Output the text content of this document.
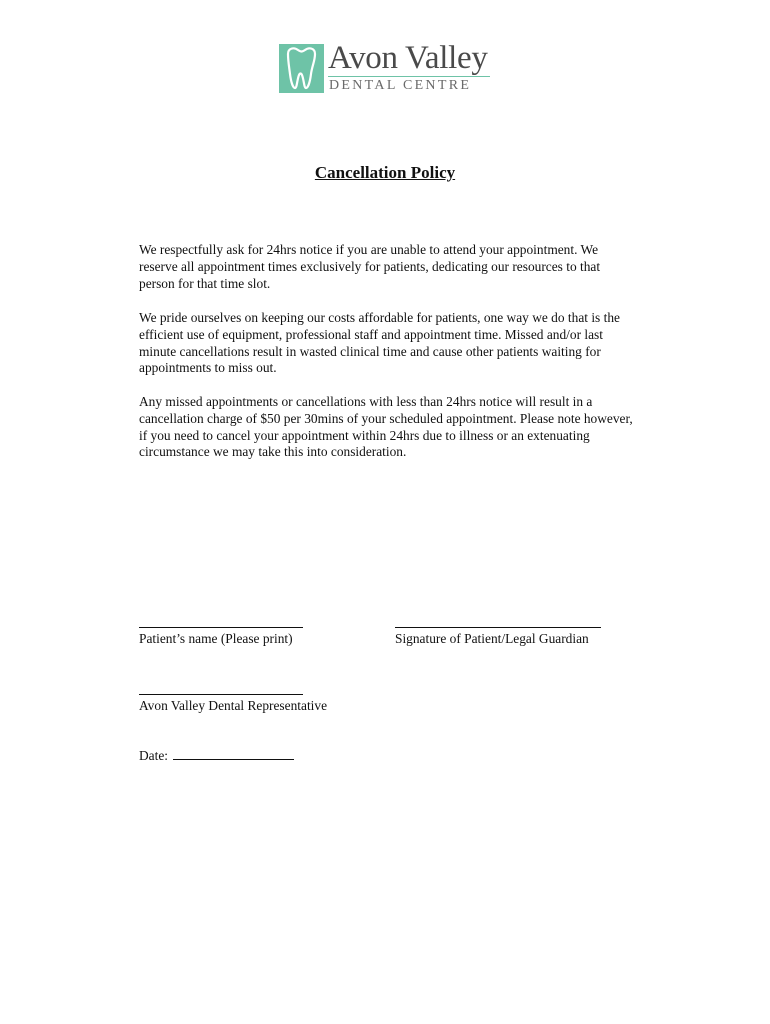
Avon Valley
DENTAL CENTRE
Cancellation Policy

We respectfully ask for 24hrs notice if you are unable to attend your appointment. We reserve all appointment times exclusively for patients, dedicating our resources to that person for that time slot.

We pride ourselves on keeping our costs affordable for patients, one way we do that is the efficient use of equipment, professional staff and appointment time. Missed and/or last minute cancellations result in wasted clinical time and cause other patients waiting for appointments to miss out.

Any missed appointments or cancellations with less than 24hrs notice will result in a cancellation charge of $50 per 30mins of your scheduled appointment. Please note however, if you need to cancel your appointment within 24hrs due to illness or an extenuating circumstance we may take this into consideration.

Patient’s name (Please print)	Signature of Patient/Legal Guardian
Avon Valley Dental Representative
Date:
